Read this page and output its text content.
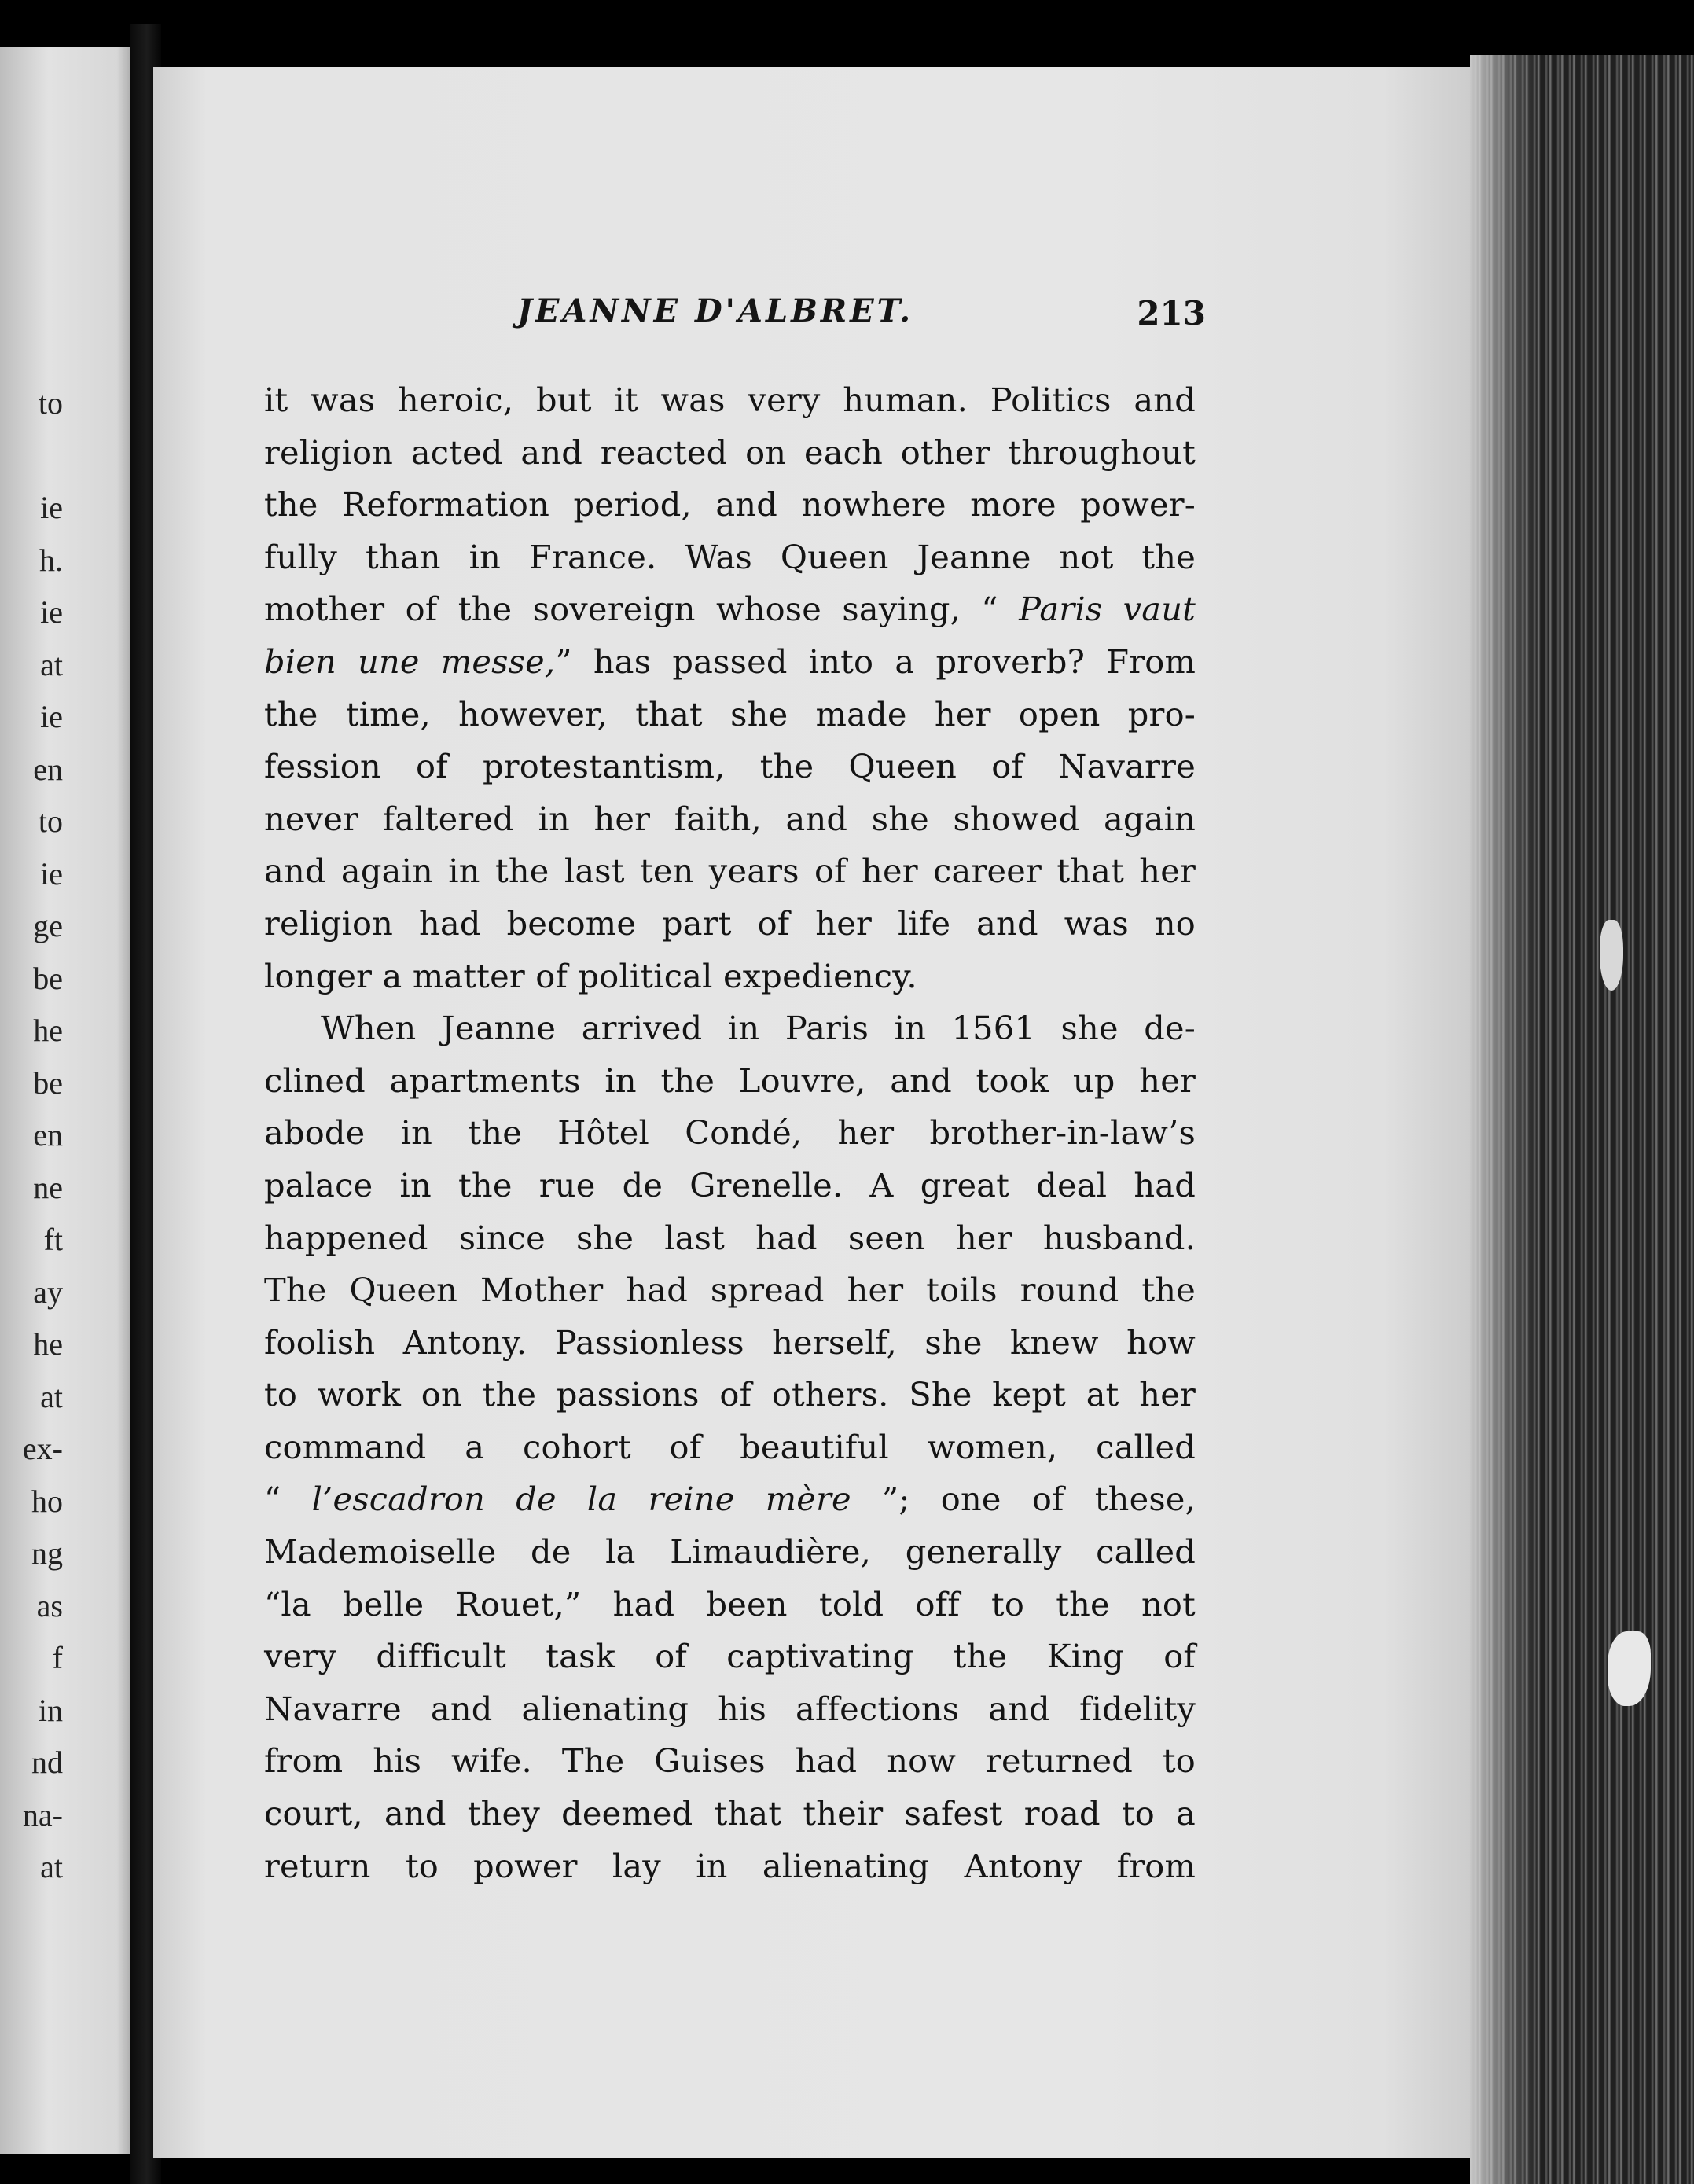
to
ie
h.
ie
at
ie
en
to
ie
ge
be
he
be
en
ne
ft
ay
he
at
ex-
ho
ng
as
f
in
nd
na-
at
JEANNE D'ALBRET.	213
it was heroic, but it was very human. Politics and
religion acted and reacted on each other throughout
the Reformation period, and nowhere more power-
fully than in France. Was Queen Jeanne not the
mother of the sovereign whose saying, “ Paris vaut
bien une messe,” has passed into a proverb? From
the time, however, that she made her open pro-
fession of protestantism, the Queen of Navarre
never faltered in her faith, and she showed again
and again in the last ten years of her career that her
religion had become part of her life and was no
longer a matter of political expediency.
When Jeanne arrived in Paris in 1561 she de-
clined apartments in the Louvre, and took up her
abode in the Hôtel Condé, her brother-in-law’s
palace in the rue de Grenelle. A great deal had
happened since she last had seen her husband.
The Queen Mother had spread her toils round the
foolish Antony. Passionless herself, she knew how
to work on the passions of others. She kept at her
command a cohort of beautiful women, called
“ l’escadron de la reine mère ”; one of these,
Mademoiselle de la Limaudière, generally called
“la belle Rouet,” had been told off to the not
very difficult task of captivating the King of
Navarre and alienating his affections and fidelity
from his wife. The Guises had now returned to
court, and they deemed that their safest road to a
return to power lay in alienating Antony from
